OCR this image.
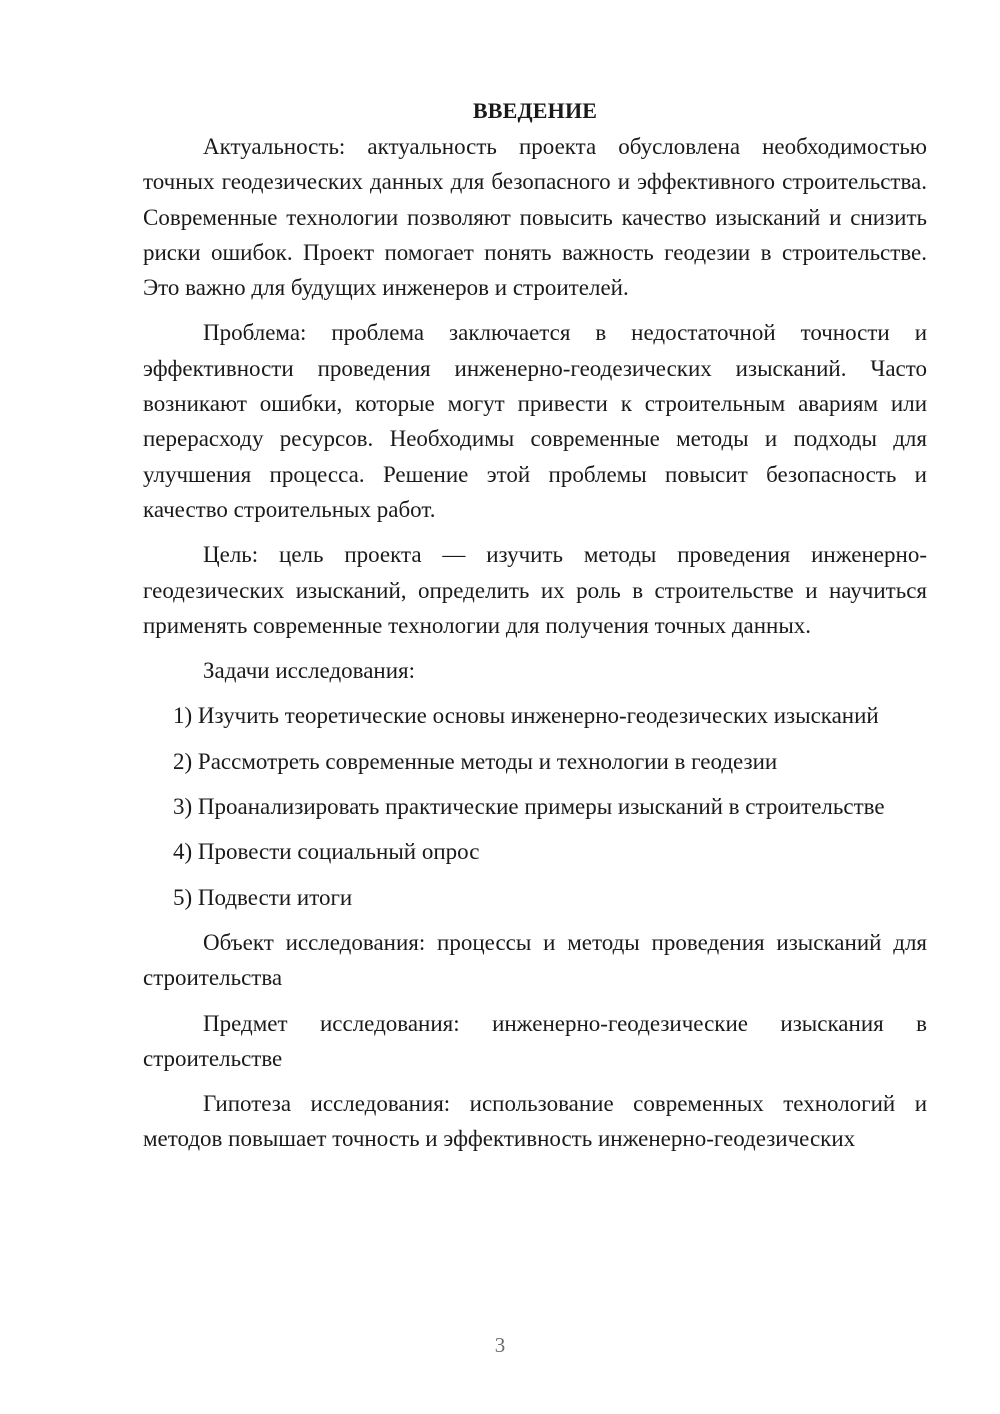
ВВЕДЕНИЕ

Актуальность: актуальность проекта обусловлена необходимостью точных геодезических данных для безопасного и эффективного строительства. Современные технологии позволяют повысить качество изысканий и снизить риски ошибок. Проект помогает понять важность геодезии в строительстве. Это важно для будущих инженеров и строителей.

Проблема: проблема заключается в недостаточной точности и эффективности проведения инженерно-геодезических изысканий. Часто возникают ошибки, которые могут привести к строительным авариям или перерасходу ресурсов. Необходимы современные методы и подходы для улучшения процесса. Решение этой проблемы повысит безопасность и качество строительных работ.

Цель: цель проекта — изучить методы проведения инженерно-геодезических изысканий, определить их роль в строительстве и научиться применять современные технологии для получения точных данных.

Задачи исследования:

1) Изучить теоретические основы инженерно-геодезических изысканий

2) Рассмотреть современные методы и технологии в геодезии

3) Проанализировать практические примеры изысканий в строительстве

4) Провести социальный опрос

5) Подвести итоги

Объект исследования: процессы и методы проведения изысканий для строительства

Предмет исследования: инженерно-геодезические изыскания в строительстве

Гипотеза исследования: использование современных технологий и методов повышает точность и эффективность инженерно-геодезических

3
